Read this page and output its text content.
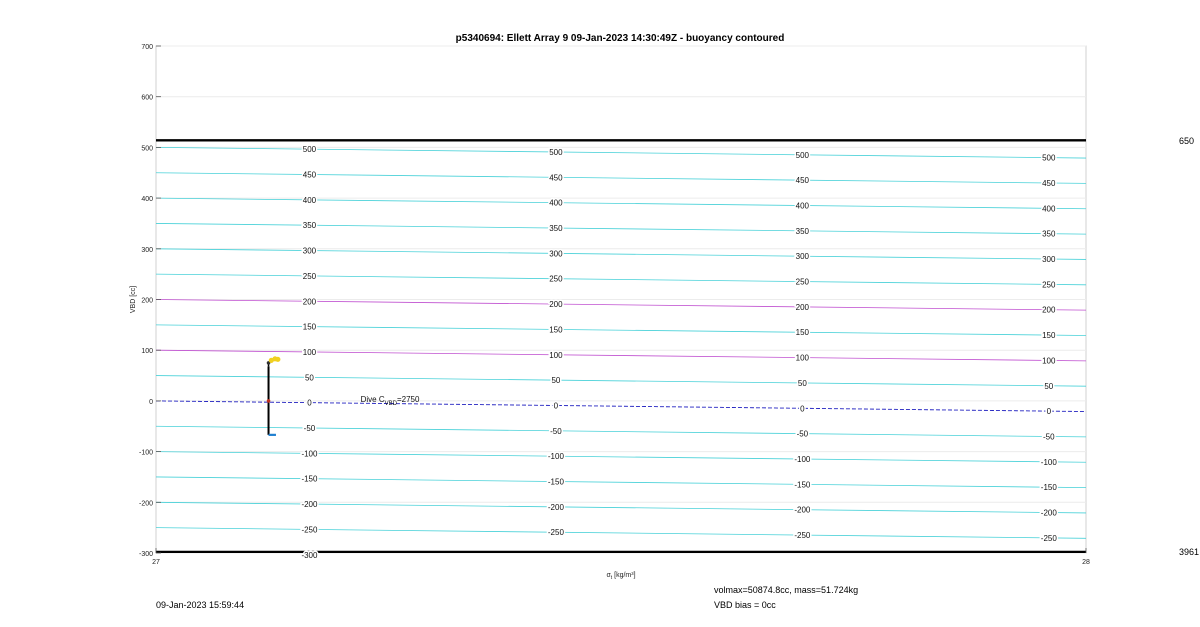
500	500	500	500
450	450	450	450
400	400	400	400
350	350	350	350
300	300	300	300
250	250	250	250
200	200	200	200
150	150	150	150
100	100	100	100
50	50	50	50
0	0	0	0
-50	-50	-50	-50
-100	-100	-100	-100
-150	-150	-150	-150
-200	-200	-200	-200
-250	-250	-250	-250
-300
Dive $C_{VBD}=2750$
700
600
500
400
300
200
100
0
-100
-200
-300
27	28
$\sigma_t$ [kg/m³]
VBD [cc]
p5340694: Ellett Array 9 09-Jan-2023 14:30:49Z - buoyancy contoured
volmax=50874.8cc, mass=51.724kg
VBD bias = 0cc
09-Jan-2023 15:59:44
650
3961
